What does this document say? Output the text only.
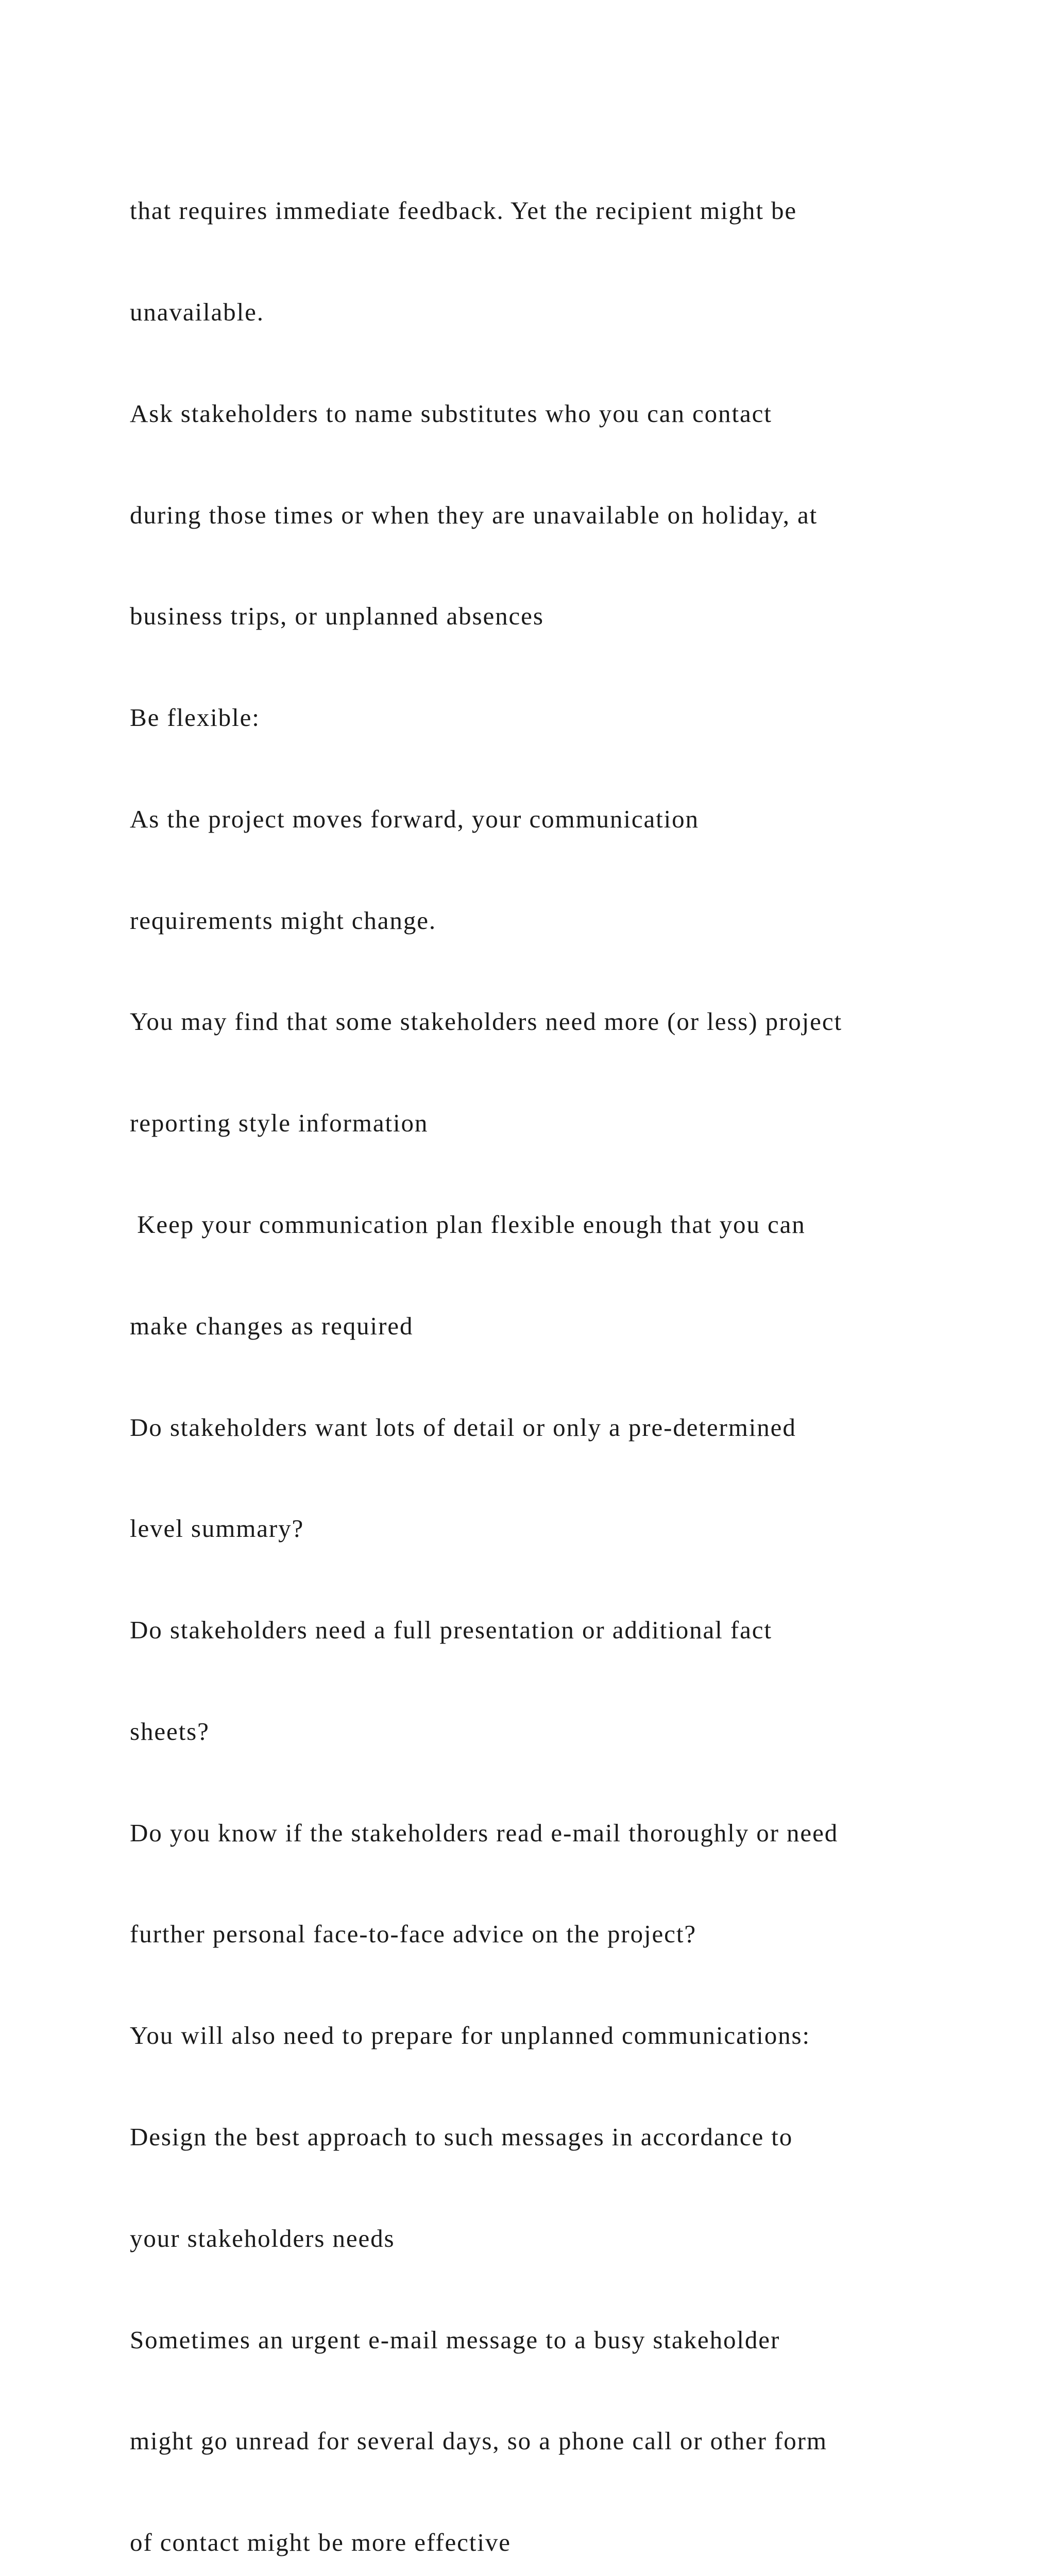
that requires immediate feedback. Yet the recipient might be

unavailable.

Ask stakeholders to name substitutes who you can contact

during those times or when they are unavailable on holiday, at

business trips, or unplanned absences

Be flexible:

As the project moves forward, your communication

requirements might change.

You may find that some stakeholders need more (or less) project

reporting style information

Keep your communication plan flexible enough that you can

make changes as required

Do stakeholders want lots of detail or only a pre-determined

level summary?

Do stakeholders need a full presentation or additional fact

sheets?

Do you know if the stakeholders read e-mail thoroughly or need

further personal face-to-face advice on the project?

You will also need to prepare for unplanned communications:

Design the best approach to such messages in accordance to

your stakeholders needs

Sometimes an urgent e-mail message to a busy stakeholder

might go unread for several days, so a phone call or other form

of contact might be more effective
